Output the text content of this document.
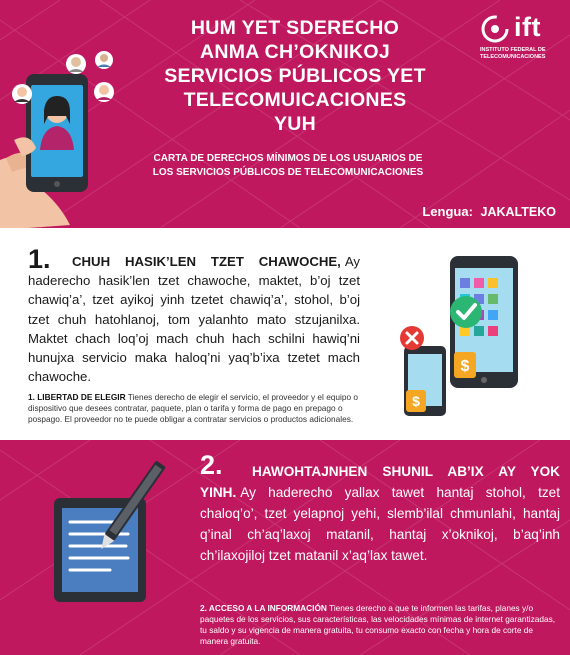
HUM YET SDERECHO
ANMA CH’OKNIKOJ
SERVICIOS PÚBLICOS YET
TELECOMUICACIONES
YUH
CARTA DE DERECHOS MÍNIMOS DE LOS USUARIOS DE
LOS SERVICIOS PÚBLICOS DE TELECOMUNICACIONES
ift
INSTITUTO FEDERAL DE
TELECOMUNICACIONES
Lengua: JAKALTEKO
1.	CHUH HASIK’LEN TZET CHAWOCHE, Ay haderecho hasik’len tzet chawoche, maktet, b’oj tzet chawiq’a’, tzet ayikoj yinh tzetet chawiq’a’, stohol, b’oj tzet chuh hatohlanoj, tom yalanhto mato stzujanilxa. Maktet chach loq’oj mach chuh hach schilni hawiq’ni hunujxa servicio maka haloq’ni yaq’b’ixa tzetet mach chawoche.
1. LIBERTAD DE ELEGIR Tienes derecho de elegir el servicio, el proveedor y el equipo o dispositivo que desees contratar, paquete, plan o tarifa y forma de pago en prepago o pospago. El proveedor no te puede obligar a contratar servicios o productos adicionales.
$
$
2.	HAWOHTAJNHEN SHUNIL AB’IX AY YOK YINH. Ay haderecho yallax tawet hantaj stohol, tzet chaloq’o’, tzet yelapnoj yehi, slemb’ilal chmunlahi, hantaj q’inal ch’aq’laxoj matanil, hantaj x’oknikoj, b’aq’inh ch’ilaxojiloj tzet matanil x’aq’lax tawet.
2. ACCESO A LA INFORMACIÓN Tienes derecho a que te informen las tarifas, planes y/o paquetes de los servicios, sus características, las velocidades mínimas de internet garantizadas, tu saldo y su vigencia de manera gratuita, tu consumo exacto con fecha y hora de corte de manera gratuita.
